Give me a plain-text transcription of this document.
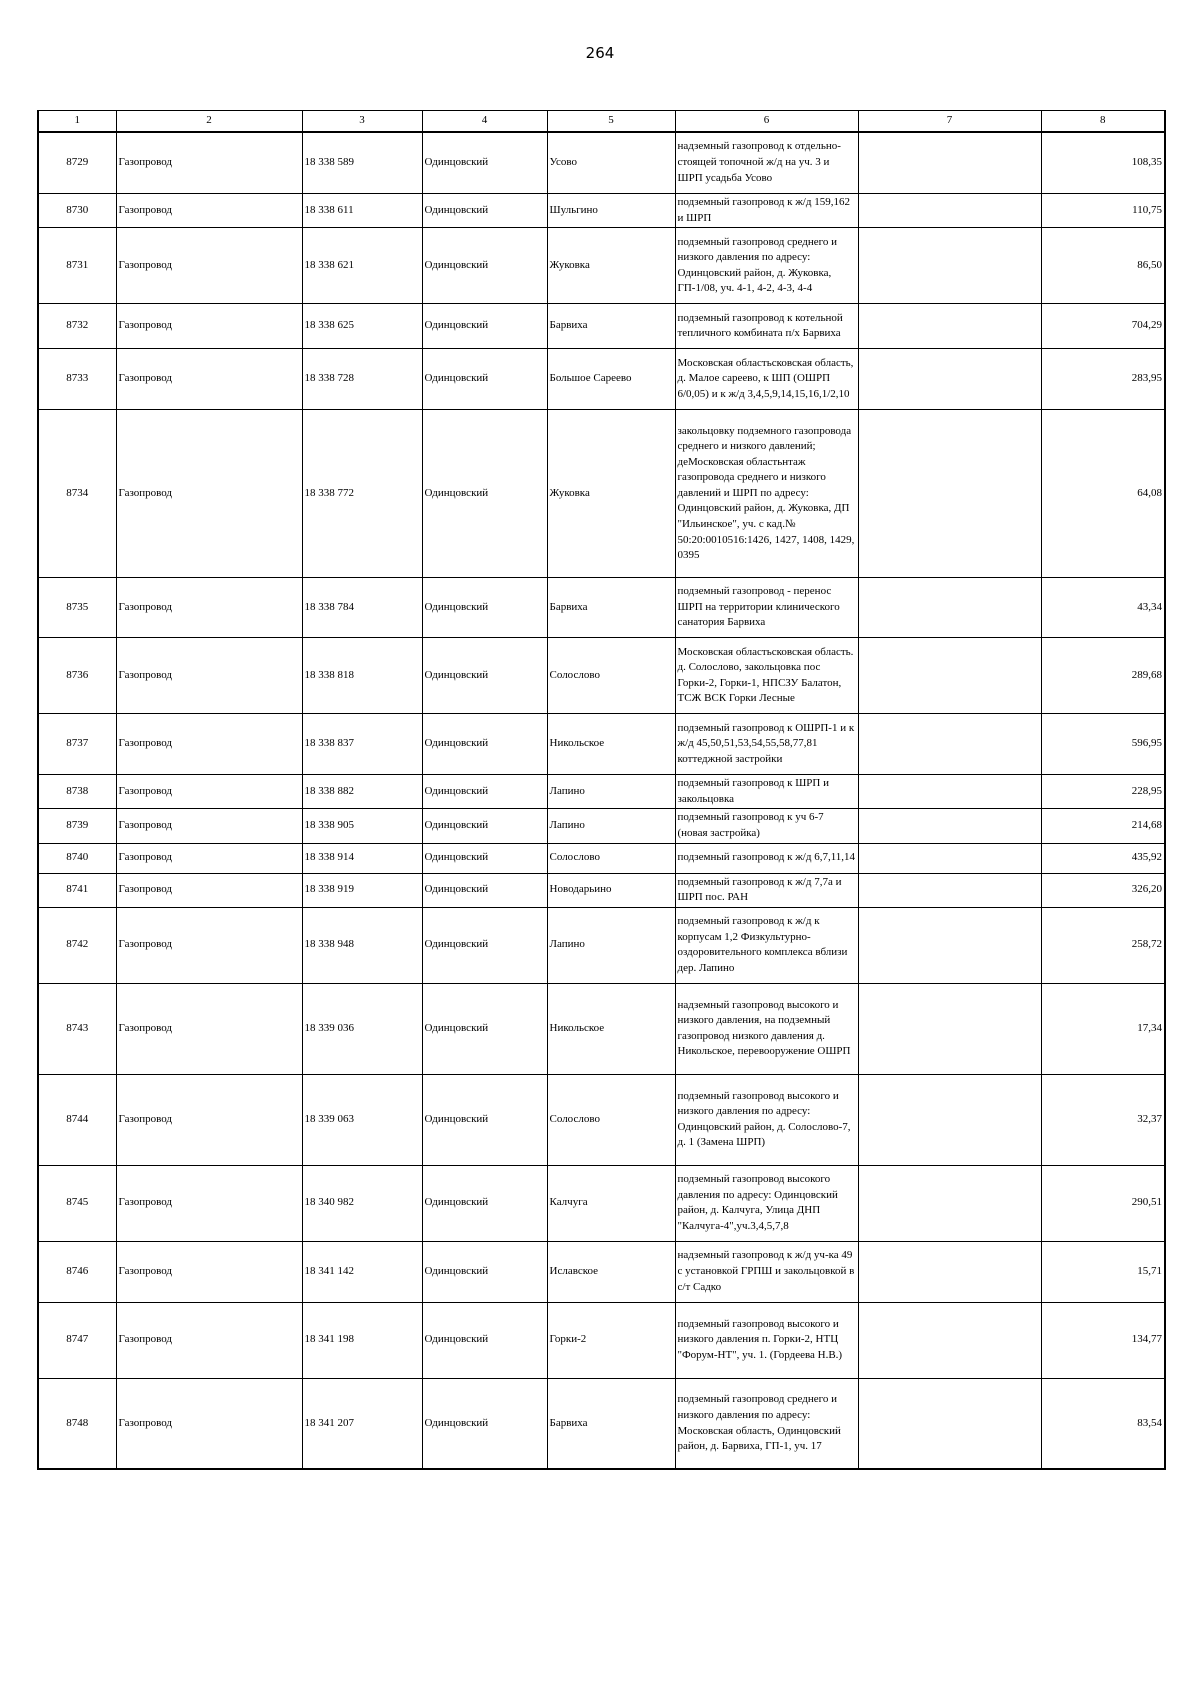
264
1	2	3	4	5	6	7	8
8729	Газопровод	18 338 589	Одинцовский	Усово	надземный газопровод к отдельно-стоящей топочной ж/д на уч. 3 и ШРП усадьба Усово		108,35
8730	Газопровод	18 338 611	Одинцовский	Шульгино	подземный газопровод к ж/д 159,162 и ШРП		110,75
8731	Газопровод	18 338 621	Одинцовский	Жуковка	подземный газопровод среднего и низкого давления по адресу: Одинцовский район, д. Жуковка, ГП-1/08, уч. 4-1, 4-2, 4-3, 4-4		86,50
8732	Газопровод	18 338 625	Одинцовский	Барвиха	подземный газопровод к котельной тепличного комбината п/х Барвиха		704,29
8733	Газопровод	18 338 728	Одинцовский	Большое Сареево	Московская областьсковская область, д. Малое сареево, к ШП (ОШРП 6/0,05) и к ж/д 3,4,5,9,14,15,16,1/2,10		283,95
8734	Газопровод	18 338 772	Одинцовский	Жуковка	закольцовку подземного газопровода среднего и низкого давлений; деМосковская областьнтаж газопровода среднего и низкого давлений и ШРП по адресу: Одинцовский район, д. Жуковка, ДП "Ильинское", уч. с кад.№ 50:20:0010516:1426, 1427, 1408, 1429, 0395		64,08
8735	Газопровод	18 338 784	Одинцовский	Барвиха	подземный газопровод - перенос ШРП на территории клинического санатория Барвиха		43,34
8736	Газопровод	18 338 818	Одинцовский	Солослово	Московская областьсковская область. д. Солослово, закольцовка пос Горки-2, Горки-1, НПСЗУ Балатон, ТСЖ ВСК Горки Лесные		289,68
8737	Газопровод	18 338 837	Одинцовский	Никольское	подземный газопровод к ОШРП-1 и к ж/д 45,50,51,53,54,55,58,77,81 коттеджной застройки		596,95
8738	Газопровод	18 338 882	Одинцовский	Лапино	подземный газопровод к ШРП и закольцовка		228,95
8739	Газопровод	18 338 905	Одинцовский	Лапино	подземный газопровод к уч 6-7 (новая застройка)		214,68
8740	Газопровод	18 338 914	Одинцовский	Солослово	подземный газопровод к ж/д 6,7,11,14		435,92
8741	Газопровод	18 338 919	Одинцовский	Новодарьино	подземный газопровод к ж/д 7,7а и ШРП пос. РАН		326,20
8742	Газопровод	18 338 948	Одинцовский	Лапино	подземный газопровод к ж/д к корпусам 1,2 Физкультурно-оздоровительного комплекса вблизи дер. Лапино		258,72
8743	Газопровод	18 339 036	Одинцовский	Никольское	надземный газопровод высокого и низкого давления, на подземный газопровод низкого давления д. Никольское, перевооружение ОШРП		17,34
8744	Газопровод	18 339 063	Одинцовский	Солослово	подземный газопровод высокого и низкого давления по адресу: Одинцовский район, д. Солослово-7, д. 1 (Замена ШРП)		32,37
8745	Газопровод	18 340 982	Одинцовский	Калчуга	подземный газопровод высокого давления по адресу: Одинцовский район, д. Калчуга, Улица ДНП "Калчуга-4",уч.3,4,5,7,8		290,51
8746	Газопровод	18 341 142	Одинцовский	Иславское	надземный газопровод к ж/д уч-ка 49 с установкой ГРПШ и закольцовкой в с/т Садко		15,71
8747	Газопровод	18 341 198	Одинцовский	Горки-2	подземный газопровод высокого и низкого давления п. Горки-2, НТЦ "Форум-НТ", уч. 1. (Гордеева Н.В.)		134,77
8748	Газопровод	18 341 207	Одинцовский	Барвиха	подземный газопровод среднего и низкого давления по адресу: Московская область, Одинцовский район, д. Барвиха, ГП-1, уч. 17		83,54
